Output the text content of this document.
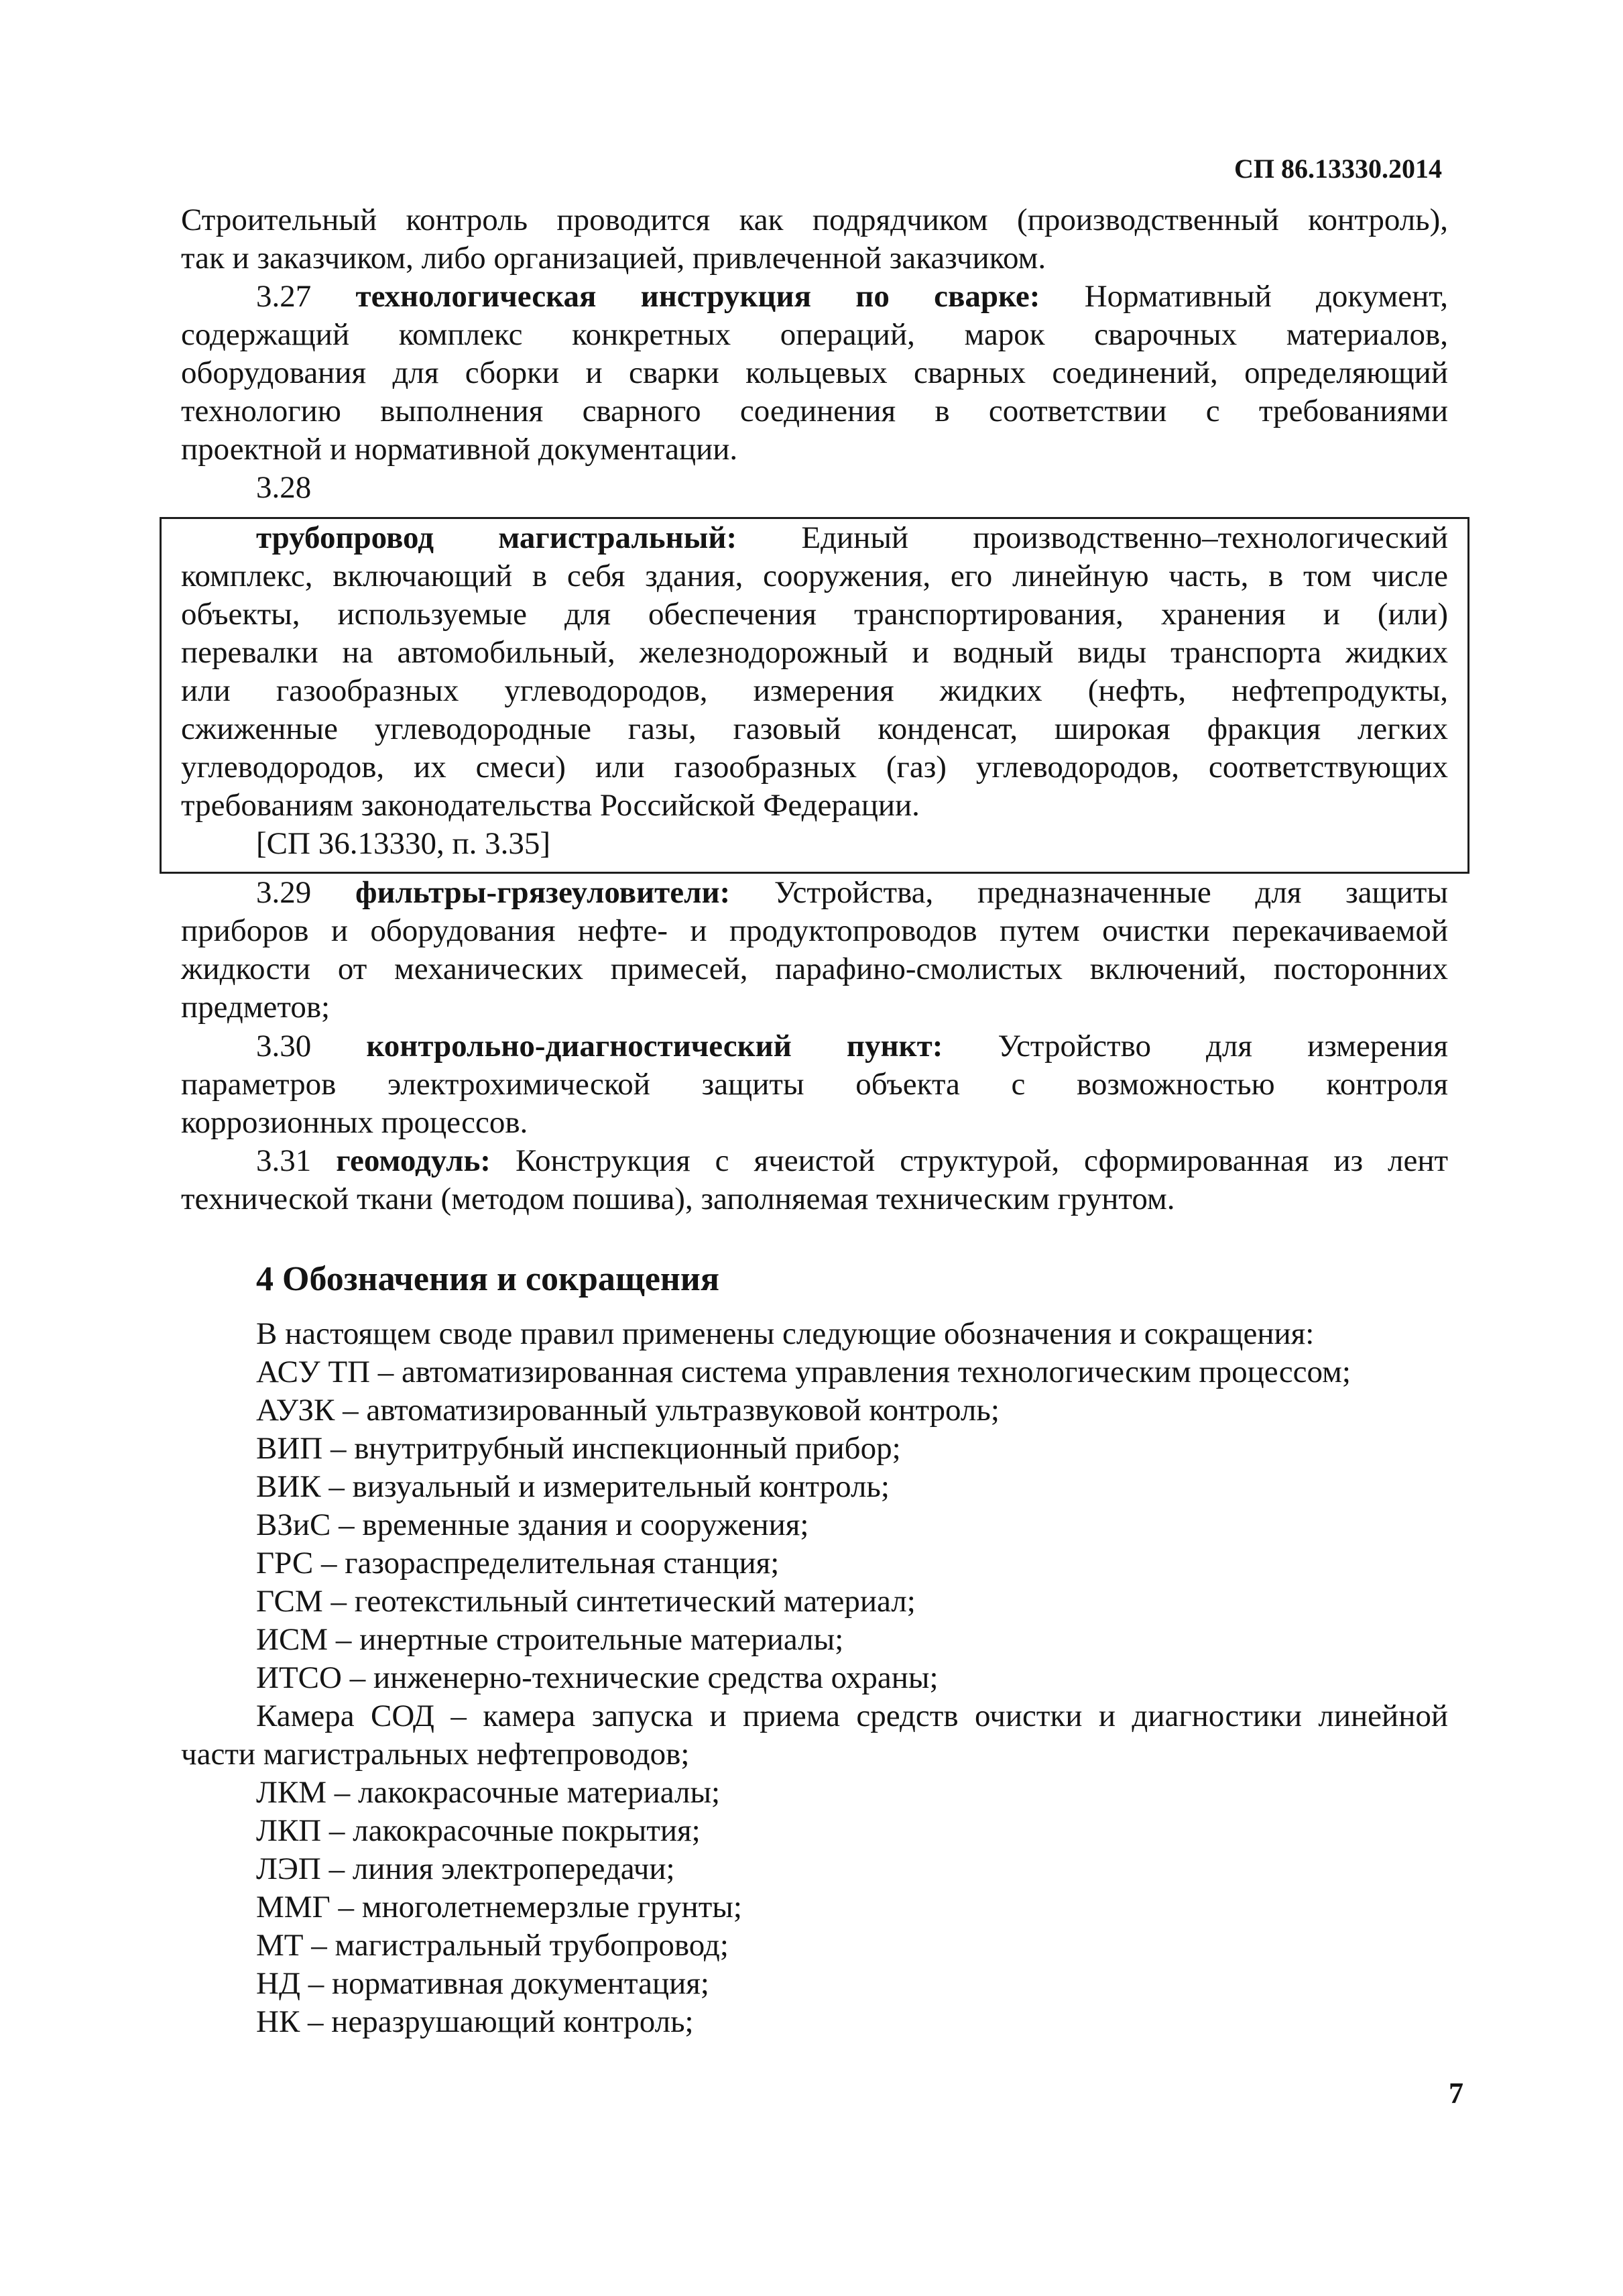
СП 86.13330.2014
Строительный контроль проводится как подрядчиком (производственный контроль),
так и заказчиком, либо организацией, привлеченной заказчиком.
3.27 технологическая инструкция по сварке: Нормативный документ,
содержащий комплекс конкретных операций, марок сварочных материалов,
оборудования для сборки и сварки кольцевых сварных соединений, определяющий
технологию выполнения сварного соединения в соответствии с требованиями
проектной и нормативной документации.
3.28
трубопровод магистральный: Единый производственно–технологический
комплекс, включающий в себя здания, сооружения, его линейную часть, в том числе
объекты, используемые для обеспечения транспортирования, хранения и (или)
перевалки на автомобильный, железнодорожный и водный виды транспорта жидких
или газообразных углеводородов, измерения жидких (нефть, нефтепродукты,
сжиженные углеводородные газы, газовый конденсат, широкая фракция легких
углеводородов, их смеси) или газообразных (газ) углеводородов, соответствующих
требованиям законодательства Российской Федерации.
[СП 36.13330, п. 3.35]
3.29 фильтры-грязеуловители: Устройства, предназначенные для защиты
приборов и оборудования нефте- и продуктопроводов путем очистки перекачиваемой
жидкости от механических примесей, парафино-смолистых включений, посторонних
предметов;
3.30 контрольно-диагностический пункт: Устройство для измерения
параметров электрохимической защиты объекта с возможностью контроля
коррозионных процессов.
3.31 геомодуль: Конструкция с ячеистой структурой, сформированная из лент
технической ткани (методом пошива), заполняемая техническим грунтом.
4 Обозначения и сокращения
В настоящем своде правил применены следующие обозначения и сокращения:
АСУ ТП – автоматизированная система управления технологическим процессом;
АУЗК – автоматизированный ультразвуковой контроль;
ВИП – внутритрубный инспекционный прибор;
ВИК – визуальный и измерительный контроль;
ВЗиС – временные здания и сооружения;
ГРС – газораспределительная станция;
ГСМ – геотекстильный синтетический материал;
ИСМ – инертные строительные материалы;
ИТСО – инженерно-технические средства охраны;
Камера СОД – камера запуска и приема средств очистки и диагностики линейной
части магистральных нефтепроводов;
ЛКМ – лакокрасочные материалы;
ЛКП – лакокрасочные покрытия;
ЛЭП – линия электропередачи;
ММГ – многолетнемерзлые грунты;
МТ – магистральный трубопровод;
НД – нормативная документация;
НК – неразрушающий контроль;
7
